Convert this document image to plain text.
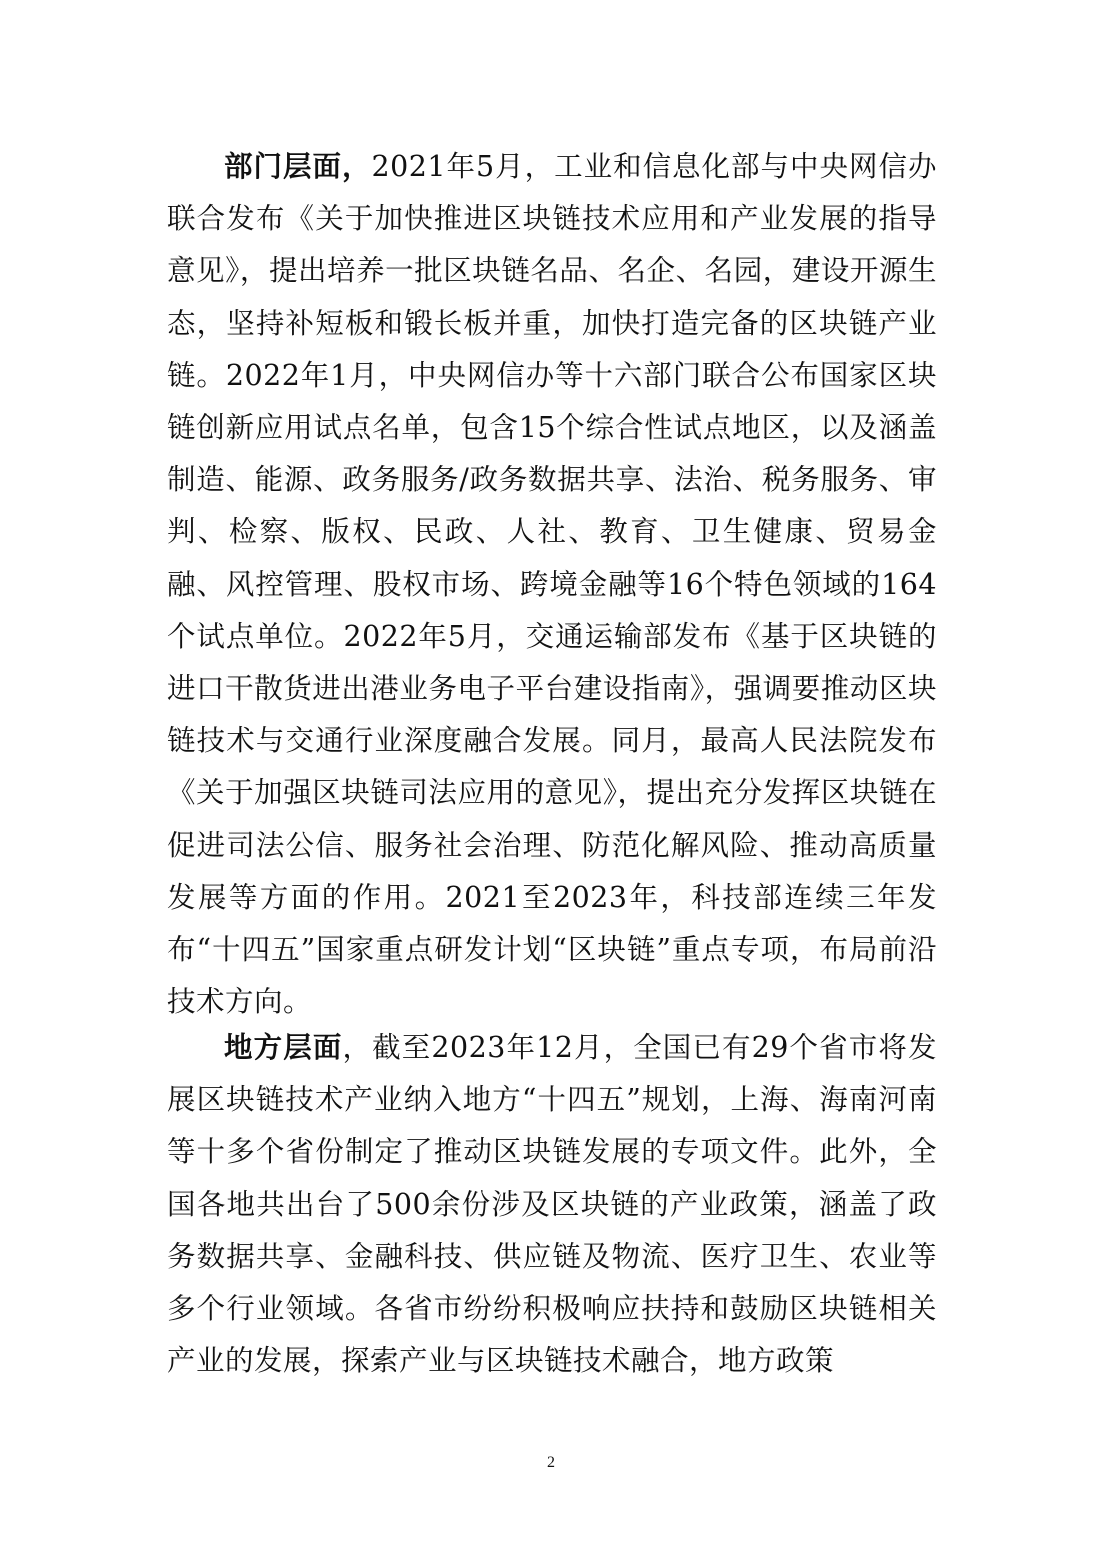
部门层面，2021年5月，工业和信息化部与中央网信办联合发布《关于加快推进区块链技术应用和产业发展的指导意见》，提出培养一批区块链名品、名企、名园，建设开源生态，坚持补短板和锻长板并重，加快打造完备的区块链产业链。2022年1月，中央网信办等十六部门联合公布国家区块链创新应用试点名单，包含15个综合性试点地区，以及涵盖制造、能源、政务服务/政务数据共享、法治、税务服务、审判、检察、版权、民政、人社、教育、卫生健康、贸易金融、风控管理、股权市场、跨境金融等16个特色领域的164个试点单位。2022年5月，交通运输部发布《基于区块链的进口干散货进出港业务电子平台建设指南》，强调要推动区块链技术与交通行业深度融合发展。同月，最高人民法院发布《关于加强区块链司法应用的意见》，提出充分发挥区块链在促进司法公信、服务社会治理、防范化解风险、推动高质量发展等方面的作用。2021至2023年，科技部连续三年发布“十四五”国家重点研发计划“区块链”重点专项，布局前沿技术方向。

地方层面，截至2023年12月，全国已有29个省市将发展区块链技术产业纳入地方“十四五”规划，上海、海南河南等十多个省份制定了推动区块链发展的专项文件。此外，全国各地共出台了500余份涉及区块链的产业政策，涵盖了政务数据共享、金融科技、供应链及物流、医疗卫生、农业等多个行业领域。各省市纷纷积极响应扶持和鼓励区块链相关产业的发展，探索产业与区块链技术融合，地方政策

2
